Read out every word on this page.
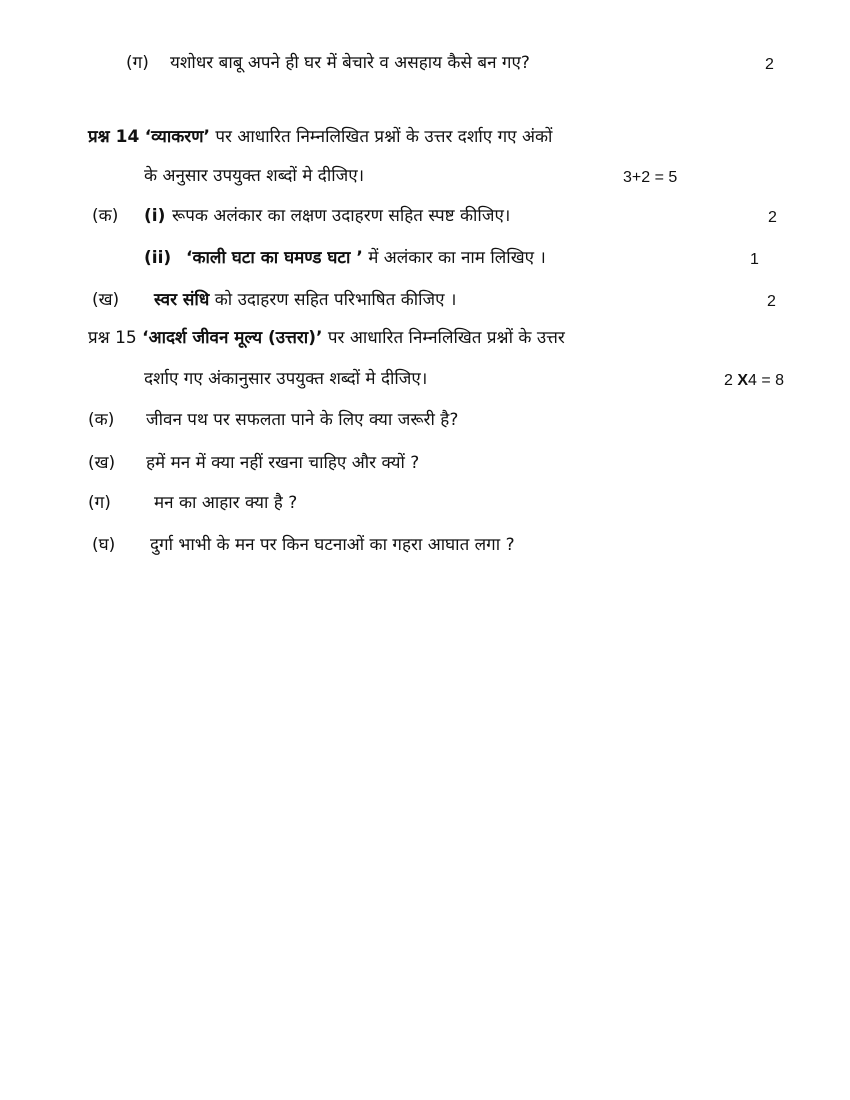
(ग) यशोधर बाबू अपने ही घर में बेचारे व असहाय कैसे बन गए?	2
प्रश्न 14 ‘व्याकरण’ पर आधारित निम्नलिखित प्रश्नों के उत्तर दर्शाए गए अंकों
के अनुसार उपयुक्त शब्दों मे दीजिए।	3+2 = 5
(क) (i) रूपक अलंकार का लक्षण उदाहरण सहित स्पष्ट कीजिए।	2
(ii) ‘काली घटा का घमण्ड घटा ’ में अलंकार का नाम लिखिए ।	1
(ख) स्वर संधि को उदाहरण सहित परिभाषित कीजिए ।	2
प्रश्न 15 ‘आदर्श जीवन मूल्य (उत्तरा)’ पर आधारित निम्नलिखित प्रश्नों के उत्तर
दर्शाए गए अंकानुसार उपयुक्त शब्दों मे दीजिए।	2 X4 = 8
(क) जीवन पथ पर सफलता पाने के लिए क्या जरूरी है?
(ख) हमें मन में क्या नहीं रखना चाहिए और क्यों ?
(ग)	मन का आहार क्या है ?
(घ) दुर्गा भाभी के मन पर किन घटनाओं का गहरा आघात लगा ?
